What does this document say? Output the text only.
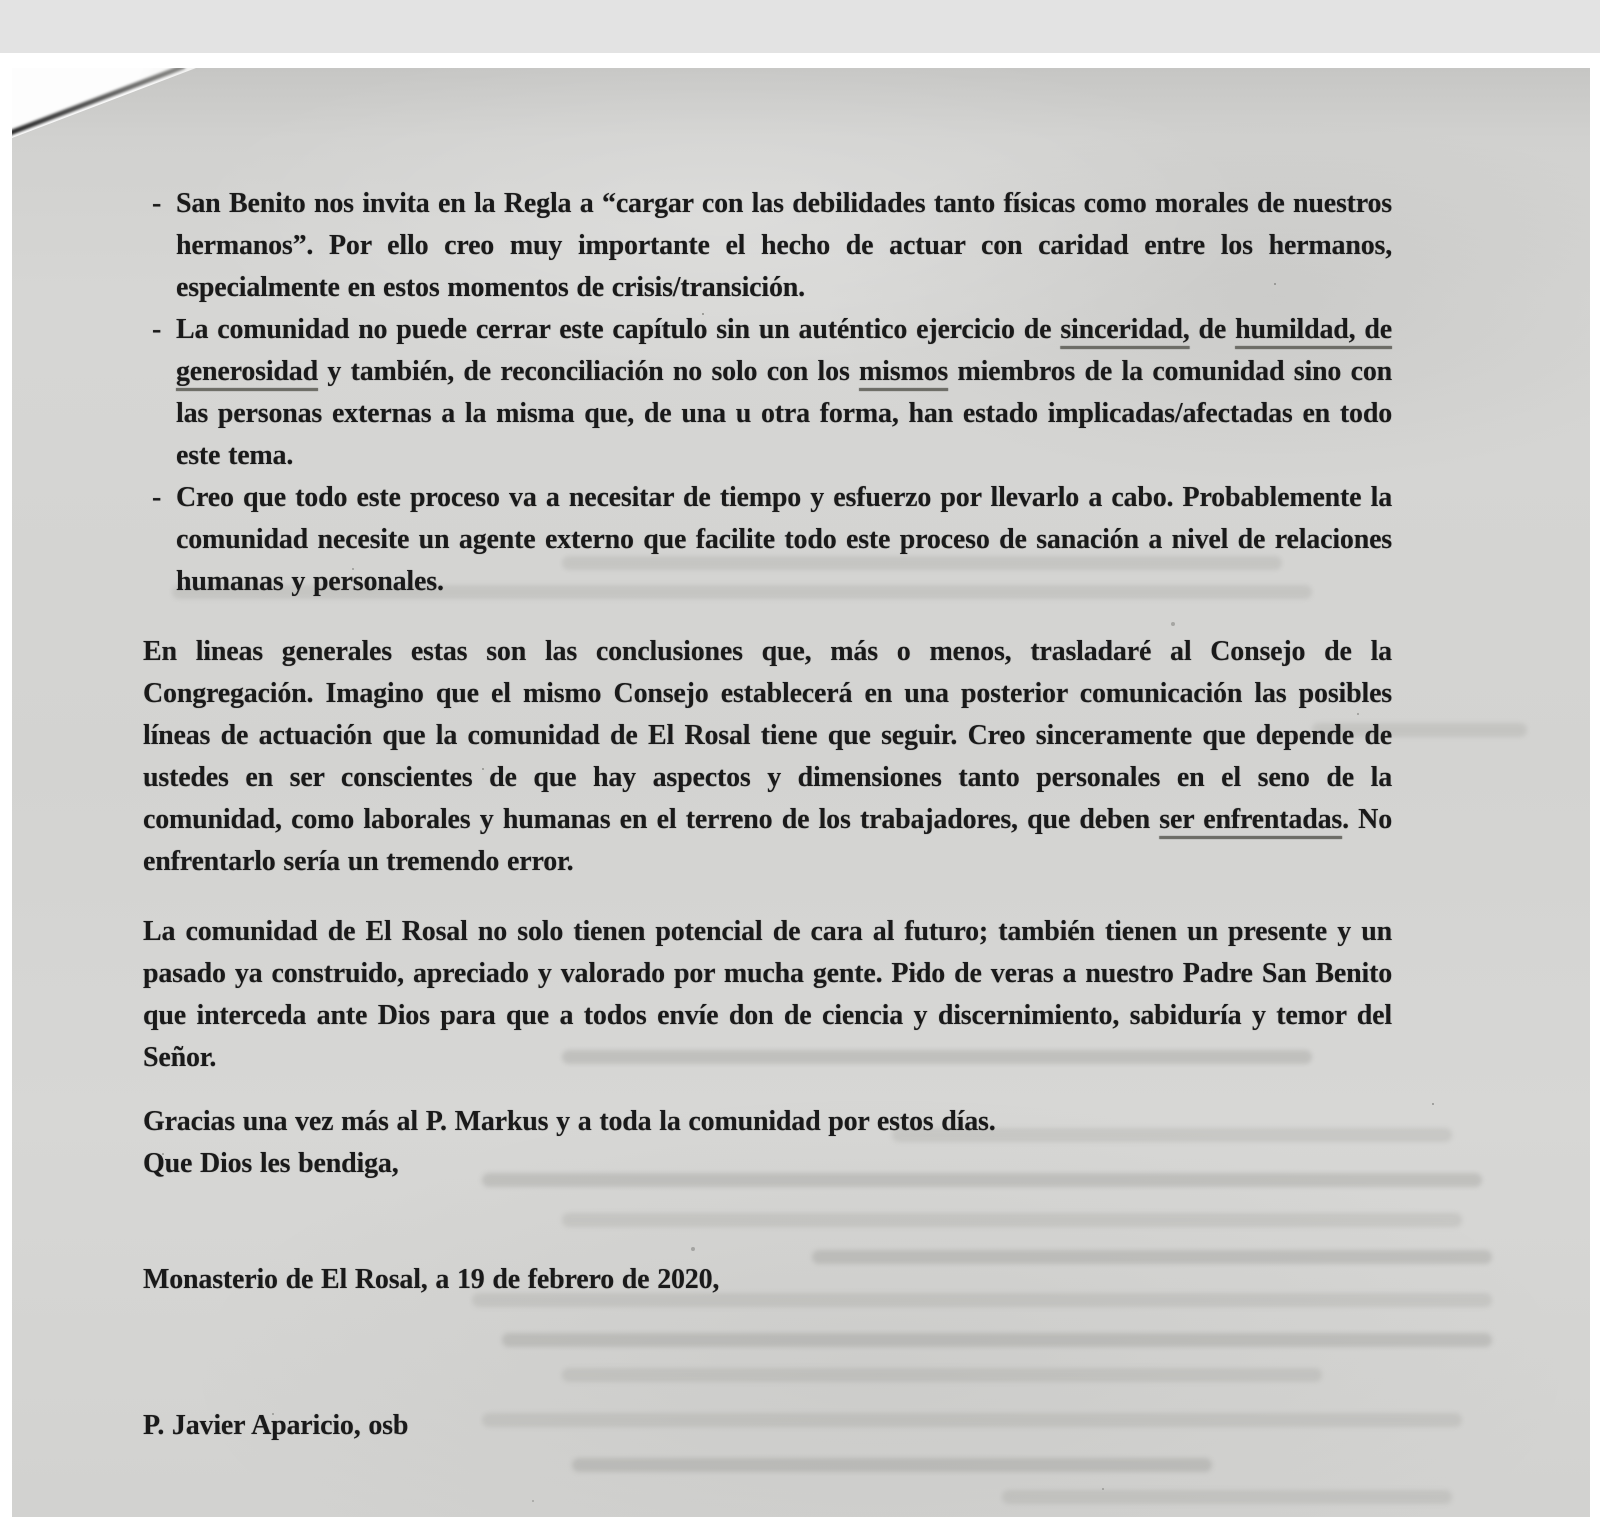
- San Benito nos invita en la Regla a “cargar con las debilidades tanto físicas como morales de nuestros hermanos”. Por ello creo muy importante el hecho de actuar con caridad entre los hermanos, especialmente en estos momentos de crisis/transición.
- La comunidad no puede cerrar este capítulo sin un auténtico ejercicio de sinceridad, de humildad, de generosidad y también, de reconciliación no solo con los mismos miembros de la comunidad sino con las personas externas a la misma que, de una u otra forma, han estado implicadas/afectadas en todo este tema.
- Creo que todo este proceso va a necesitar de tiempo y esfuerzo por llevarlo a cabo. Probablemente la comunidad necesite un agente externo que facilite todo este proceso de sanación a nivel de relaciones humanas y personales.

En lineas generales estas son las conclusiones que, más o menos, trasladaré al Consejo de la Congregación. Imagino que el mismo Consejo establecerá en una posterior comunicación las posibles líneas de actuación que la comunidad de El Rosal tiene que seguir. Creo sinceramente que depende de ustedes en ser conscientes de que hay aspectos y dimensiones tanto personales en el seno de la comunidad, como laborales y humanas en el terreno de los trabajadores, que deben ser enfrentadas. No enfrentarlo sería un tremendo error.

La comunidad de El Rosal no solo tienen potencial de cara al futuro; también tienen un presente y un pasado ya construido, apreciado y valorado por mucha gente. Pido de veras a nuestro Padre San Benito que interceda ante Dios para que a todos envíe don de ciencia y discernimiento, sabiduría y temor del Señor.

Gracias una vez más al P. Markus y a toda la comunidad por estos días.

Que Dios les bendiga,

Monasterio de El Rosal, a 19 de febrero de 2020,

P. Javier Aparicio, osb
